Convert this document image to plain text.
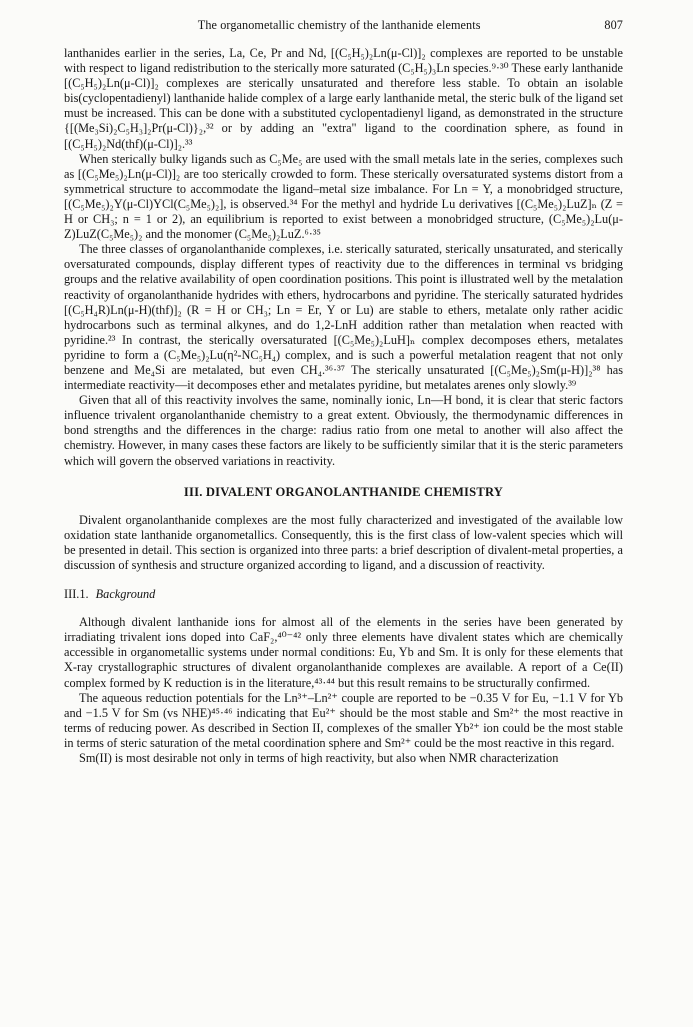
The organometallic chemistry of the lanthanide elements	807

lanthanides earlier in the series, La, Ce, Pr and Nd, [(C₅H₅)₂Ln(μ-Cl)]₂ complexes are reported to be unstable with respect to ligand redistribution to the sterically more saturated (C₅H₅)₃Ln species.⁹·³⁰ These early lanthanide [(C₅H₅)₂Ln(μ-Cl)]₂ complexes are sterically unsaturated and therefore less stable. To obtain an isolable bis(cyclopentadienyl) lanthanide halide complex of a large early lanthanide metal, the steric bulk of the ligand set must be increased. This can be done with a substituted cyclopentadienyl ligand, as demonstrated in the structure {[(Me₃Si)₂C₅H₃]₂Pr(μ-Cl)}₂,³² or by adding an "extra" ligand to the coordination sphere, as found in [(C₅H₅)₂Nd(thf)(μ-Cl)]₂.³³

When sterically bulky ligands such as C₅Me₅ are used with the small metals late in the series, complexes such as [(C₅Me₅)₂Ln(μ-Cl)]₂ are too sterically crowded to form. These sterically oversaturated systems distort from a symmetrical structure to accommodate the ligand–metal size imbalance. For Ln = Y, a monobridged structure, [(C₅Me₅)₂Y(μ-Cl)YCl(C₅Me₅)₂], is observed.³⁴ For the methyl and hydride Lu derivatives [(C₅Me₅)₂LuZ]ₙ (Z = H or CH₃; n = 1 or 2), an equilibrium is reported to exist between a monobridged structure, (C₅Me₅)₂Lu(μ-Z)LuZ(C₅Me₅)₂ and the monomer (C₅Me₅)₂LuZ.⁶·³⁵

The three classes of organolanthanide complexes, i.e. sterically saturated, sterically unsaturated, and sterically oversaturated compounds, display different types of reactivity due to the differences in terminal vs bridging groups and the relative availability of open coordination positions. This point is illustrated well by the metalation reactivity of organolanthanide hydrides with ethers, hydrocarbons and pyridine. The sterically saturated hydrides [(C₅H₄R)Ln(μ-H)(thf)]₂ (R = H or CH₃; Ln = Er, Y or Lu) are stable to ethers, metalate only rather acidic hydrocarbons such as terminal alkynes, and do 1,2-LnH addition rather than metalation when reacted with pyridine.²³ In contrast, the sterically oversaturated [(C₅Me₅)₂LuH]ₙ complex decomposes ethers, metalates pyridine to form a (C₅Me₅)₂Lu(η²-NC₅H₄) complex, and is such a powerful metalation reagent that not only benzene and Me₄Si are metalated, but even CH₄.³⁶·³⁷ The sterically unsaturated [(C₅Me₅)₂Sm(μ-H)]₂³⁸ has intermediate reactivity—it decomposes ether and metalates pyridine, but metalates arenes only slowly.³⁹

Given that all of this reactivity involves the same, nominally ionic, Ln—H bond, it is clear that steric factors influence trivalent organolanthanide chemistry to a great extent. Obviously, the thermodynamic differences in bond strengths and the differences in the charge: radius ratio from one metal to another will also affect the chemistry. However, in many cases these factors are likely to be sufficiently similar that it is the steric parameters which will govern the observed variations in reactivity.

III. DIVALENT ORGANOLANTHANIDE CHEMISTRY

Divalent organolanthanide complexes are the most fully characterized and investigated of the available low oxidation state lanthanide organometallics. Consequently, this is the first class of low-valent species which will be presented in detail. This section is organized into three parts: a brief description of divalent-metal properties, a discussion of synthesis and structure organized according to ligand, and a discussion of reactivity.

III.1. Background

Although divalent lanthanide ions for almost all of the elements in the series have been generated by irradiating trivalent ions doped into CaF₂,⁴⁰⁻⁴² only three elements have divalent states which are chemically accessible in organometallic systems under normal conditions: Eu, Yb and Sm. It is only for these elements that X-ray crystallographic structures of divalent organolanthanide complexes are available. A report of a Ce(II) complex formed by K reduction is in the literature,⁴³·⁴⁴ but this result remains to be structurally confirmed.

The aqueous reduction potentials for the Ln³⁺–Ln²⁺ couple are reported to be −0.35 V for Eu, −1.1 V for Yb and −1.5 V for Sm (vs NHE)⁴⁵·⁴⁶ indicating that Eu²⁺ should be the most stable and Sm²⁺ the most reactive in terms of reducing power. As described in Section II, complexes of the smaller Yb²⁺ ion could be the most stable in terms of steric saturation of the metal coordination sphere and Sm²⁺ could be the most reactive in this regard.

Sm(II) is most desirable not only in terms of high reactivity, but also when NMR characterization
